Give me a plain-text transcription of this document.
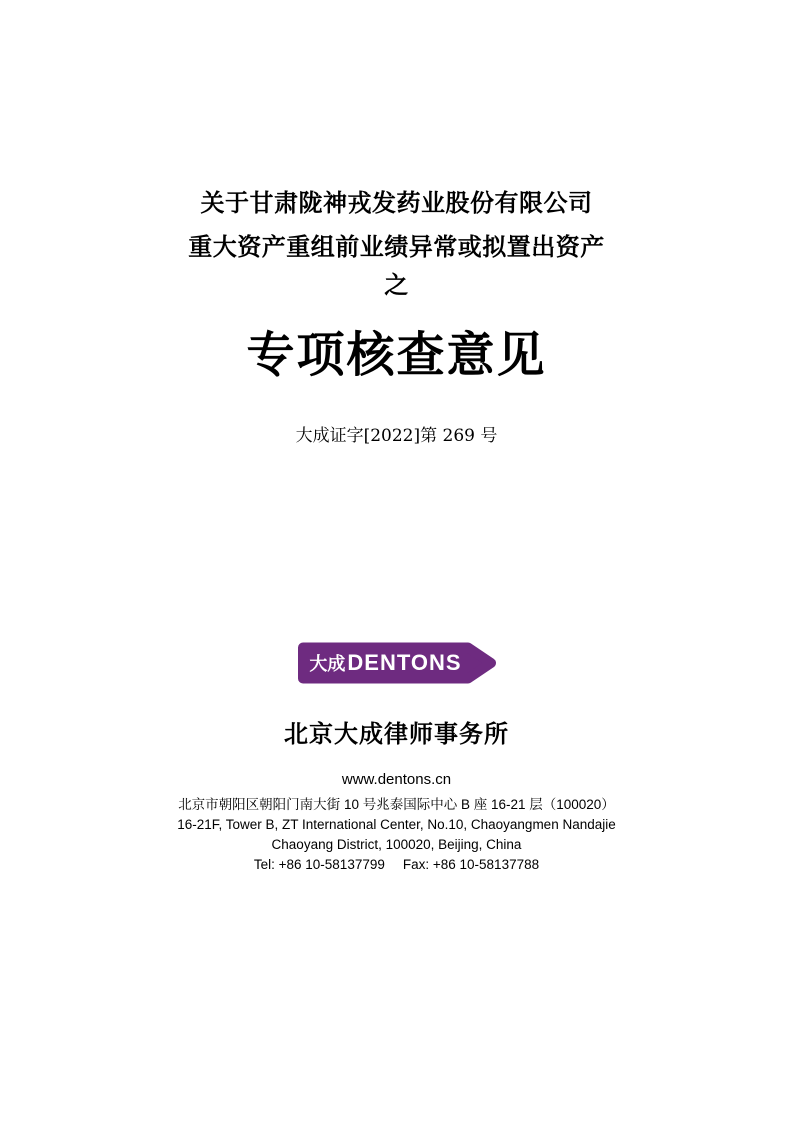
关于甘肃陇神戎发药业股份有限公司
重大资产重组前业绩异常或拟置出资产
之
专项核查意见
大成证字[2022]第 269 号
大成 DENTONS
北京大成律师事务所
www.dentons.cn
北京市朝阳区朝阳门南大街 10 号兆泰国际中心 B 座 16-21 层（100020）
16-21F, Tower B, ZT International Center, No.10, Chaoyangmen Nandajie
Chaoyang District, 100020, Beijing, China
Tel: +86 10-58137799 Fax: +86 10-58137788
